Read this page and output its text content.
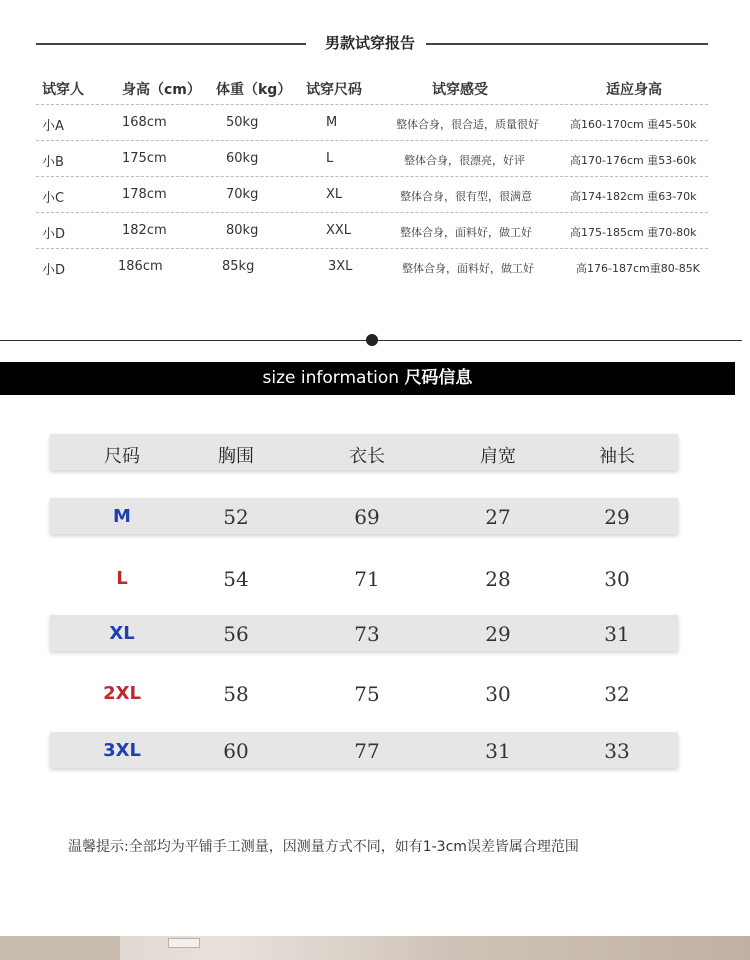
男款试穿报告
试穿人	身高（cm） 体重（kg） 试穿尺码	试穿感受	适应身高
小A	168cm	50kg	M	整体合身，很合适，质量很好	高160-170cm 重45-50k
小B	175cm	60kg	L	整体合身，很漂亮，好评	高170-176cm 重53-60k
小C	178cm	70kg	XL	整体合身，很有型，很满意	高174-182cm 重63-70k
小D	182cm	80kg	XXL	整体合身，面料好，做工好	高175-185cm 重70-80k
小D	186cm	85kg	3XL	整体合身，面料好，做工好	高176-187cm重80-85K
size information 尺码信息
尺码	胸围	衣长	肩宽	袖长
M	52	69	27	29
L	54	71	28	30
XL	56	73	29	31
2XL	58	75	30	32
3XL	60	77	31	33
温馨提示:全部均为平铺手工测量，因测量方式不同，如有1-3cm误差皆属合理范围
